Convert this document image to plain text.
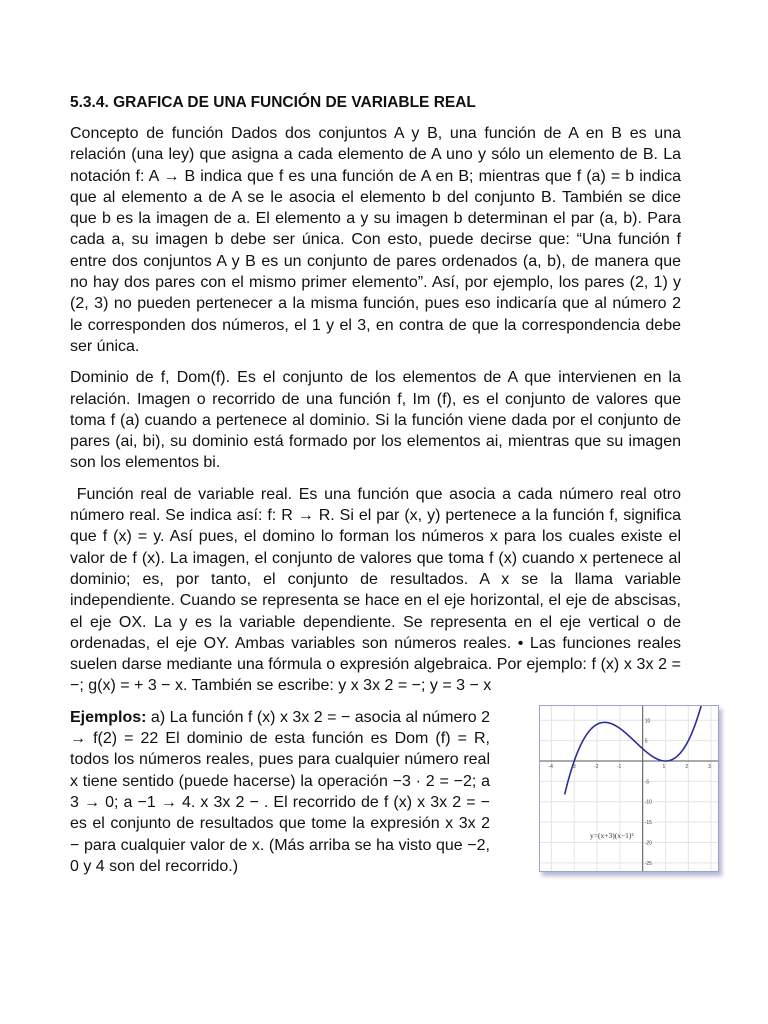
5.3.4. GRAFICA DE UNA FUNCIÓN DE VARIABLE REAL

Concepto de función Dados dos conjuntos A y B, una función de A en B es una relación (una ley) que asigna a cada elemento de A uno y sólo un elemento de B. La notación f: A → B indica que f es una función de A en B; mientras que f (a) = b indica que al elemento a de A se le asocia el elemento b del conjunto B. También se dice que b es la imagen de a. El elemento a y su imagen b determinan el par (a, b). Para cada a, su imagen b debe ser única. Con esto, puede decirse que: “Una función f entre dos conjuntos A y B es un conjunto de pares ordenados (a, b), de manera que no hay dos pares con el mismo primer elemento”. Así, por ejemplo, los pares (2, 1) y (2, 3) no pueden pertenecer a la misma función, pues eso indicaría que al número 2 le corresponden dos números, el 1 y el 3, en contra de que la correspondencia debe ser única.

Dominio de f, Dom(f). Es el conjunto de los elementos de A que intervienen en la relación. Imagen o recorrido de una función f, Im (f), es el conjunto de valores que toma f (a) cuando a pertenece al dominio. Si la función viene dada por el conjunto de pares (ai, bi), su dominio está formado por los elementos ai, mientras que su imagen son los elementos bi.

Función real de variable real. Es una función que asocia a cada número real otro número real. Se indica así: f: R → R. Si el par (x, y) pertenece a la función f, significa que f (x) = y. Así pues, el domino lo forman los números x para los cuales existe el valor de f (x). La imagen, el conjunto de valores que toma f (x) cuando x pertenece al dominio; es, por tanto, el conjunto de resultados. A x se la llama variable independiente. Cuando se representa se hace en el eje horizontal, el eje de abscisas, el eje OX. La y es la variable dependiente. Se representa en el eje vertical o de ordenadas, el eje OY. Ambas variables son números reales. • Las funciones reales suelen darse mediante una fórmula o expresión algebraica. Por ejemplo: f (x) x 3x 2 = −; g(x) = + 3 − x. También se escribe: y x 3x 2 = −; y = 3 − x

Ejemplos: a) La función f (x) x 3x 2 = − asocia al número 2 → f(2) = 22 El dominio de esta función es Dom (f) = R, todos los números reales, pues para cualquier número real x tiene sentido (puede hacerse) la operación −3 · 2 = −2; a 3 → 0; a −1 → 4. x 3x 2 − . El recorrido de f (x) x 3x 2 = − es el conjunto de resultados que tome la expresión x 3x 2 − para cualquier valor de x. (Más arriba se ha visto que −2, 0 y 4 son del recorrido.)
y=(x+3)(x−1)²
-4	-3	-2	-1	1	2	3
10
5
-5
-10
-15
-20
-25
